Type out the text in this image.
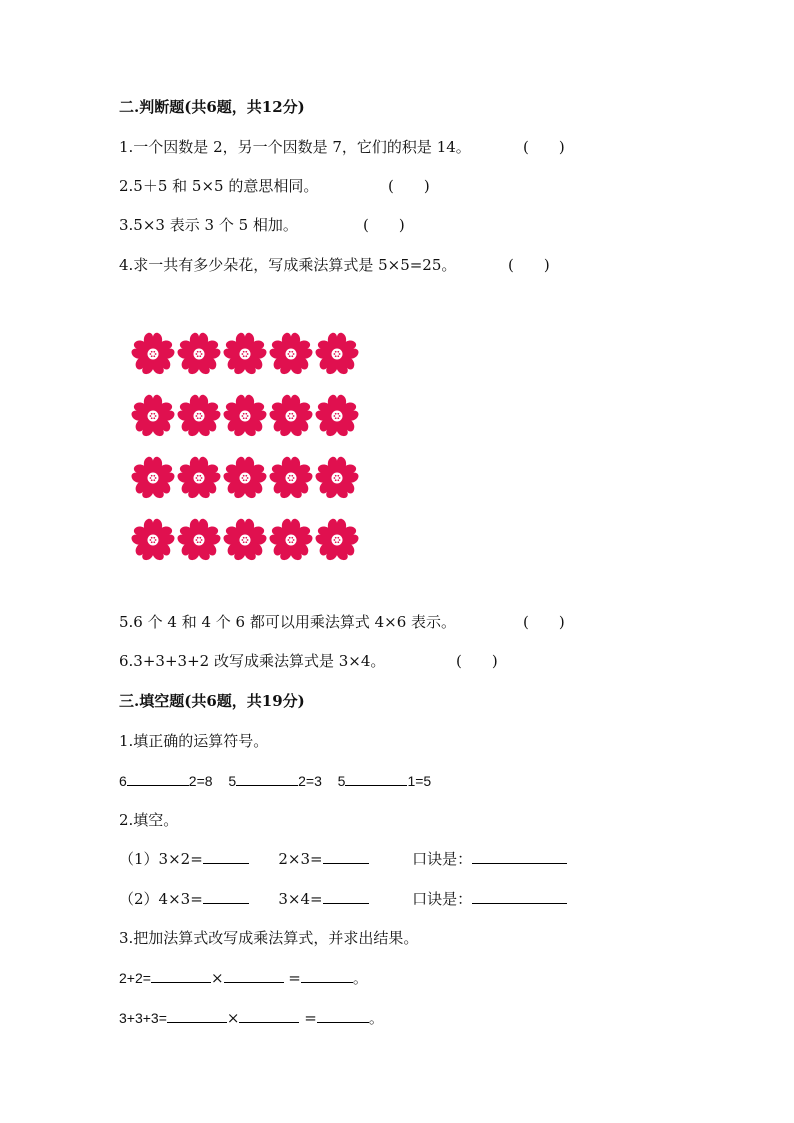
二.判断题(共6题，共12分)
1.一个因数是 2，另一个因数是 7，它们的积是 14。	(　　)
2.5＋5 和 5×5 的意思相同。	(　　)
3.5×3 表示 3 个 5 相加。	(　　)
4.求一共有多少朵花，写成乘法算式是 5×5=25。	(　　)
5.6 个 4 和 4 个 6 都可以用乘法算式 4×6 表示。	(　　)
6.3+3+3+2 改写成乘法算式是 3×4。	(　　)
三.填空题(共6题，共19分)
1.填正确的运算符号。
6	2=8 5	2=3 5	1=5
2.填空。
（1）3×2=	2×3=	口诀是：
（2）4×3=	3×4=	口诀是：
3.把加法算式改写成乘法算式，并求出结果。
2+2=	×	=	。
3+3+3=	×	=	。
